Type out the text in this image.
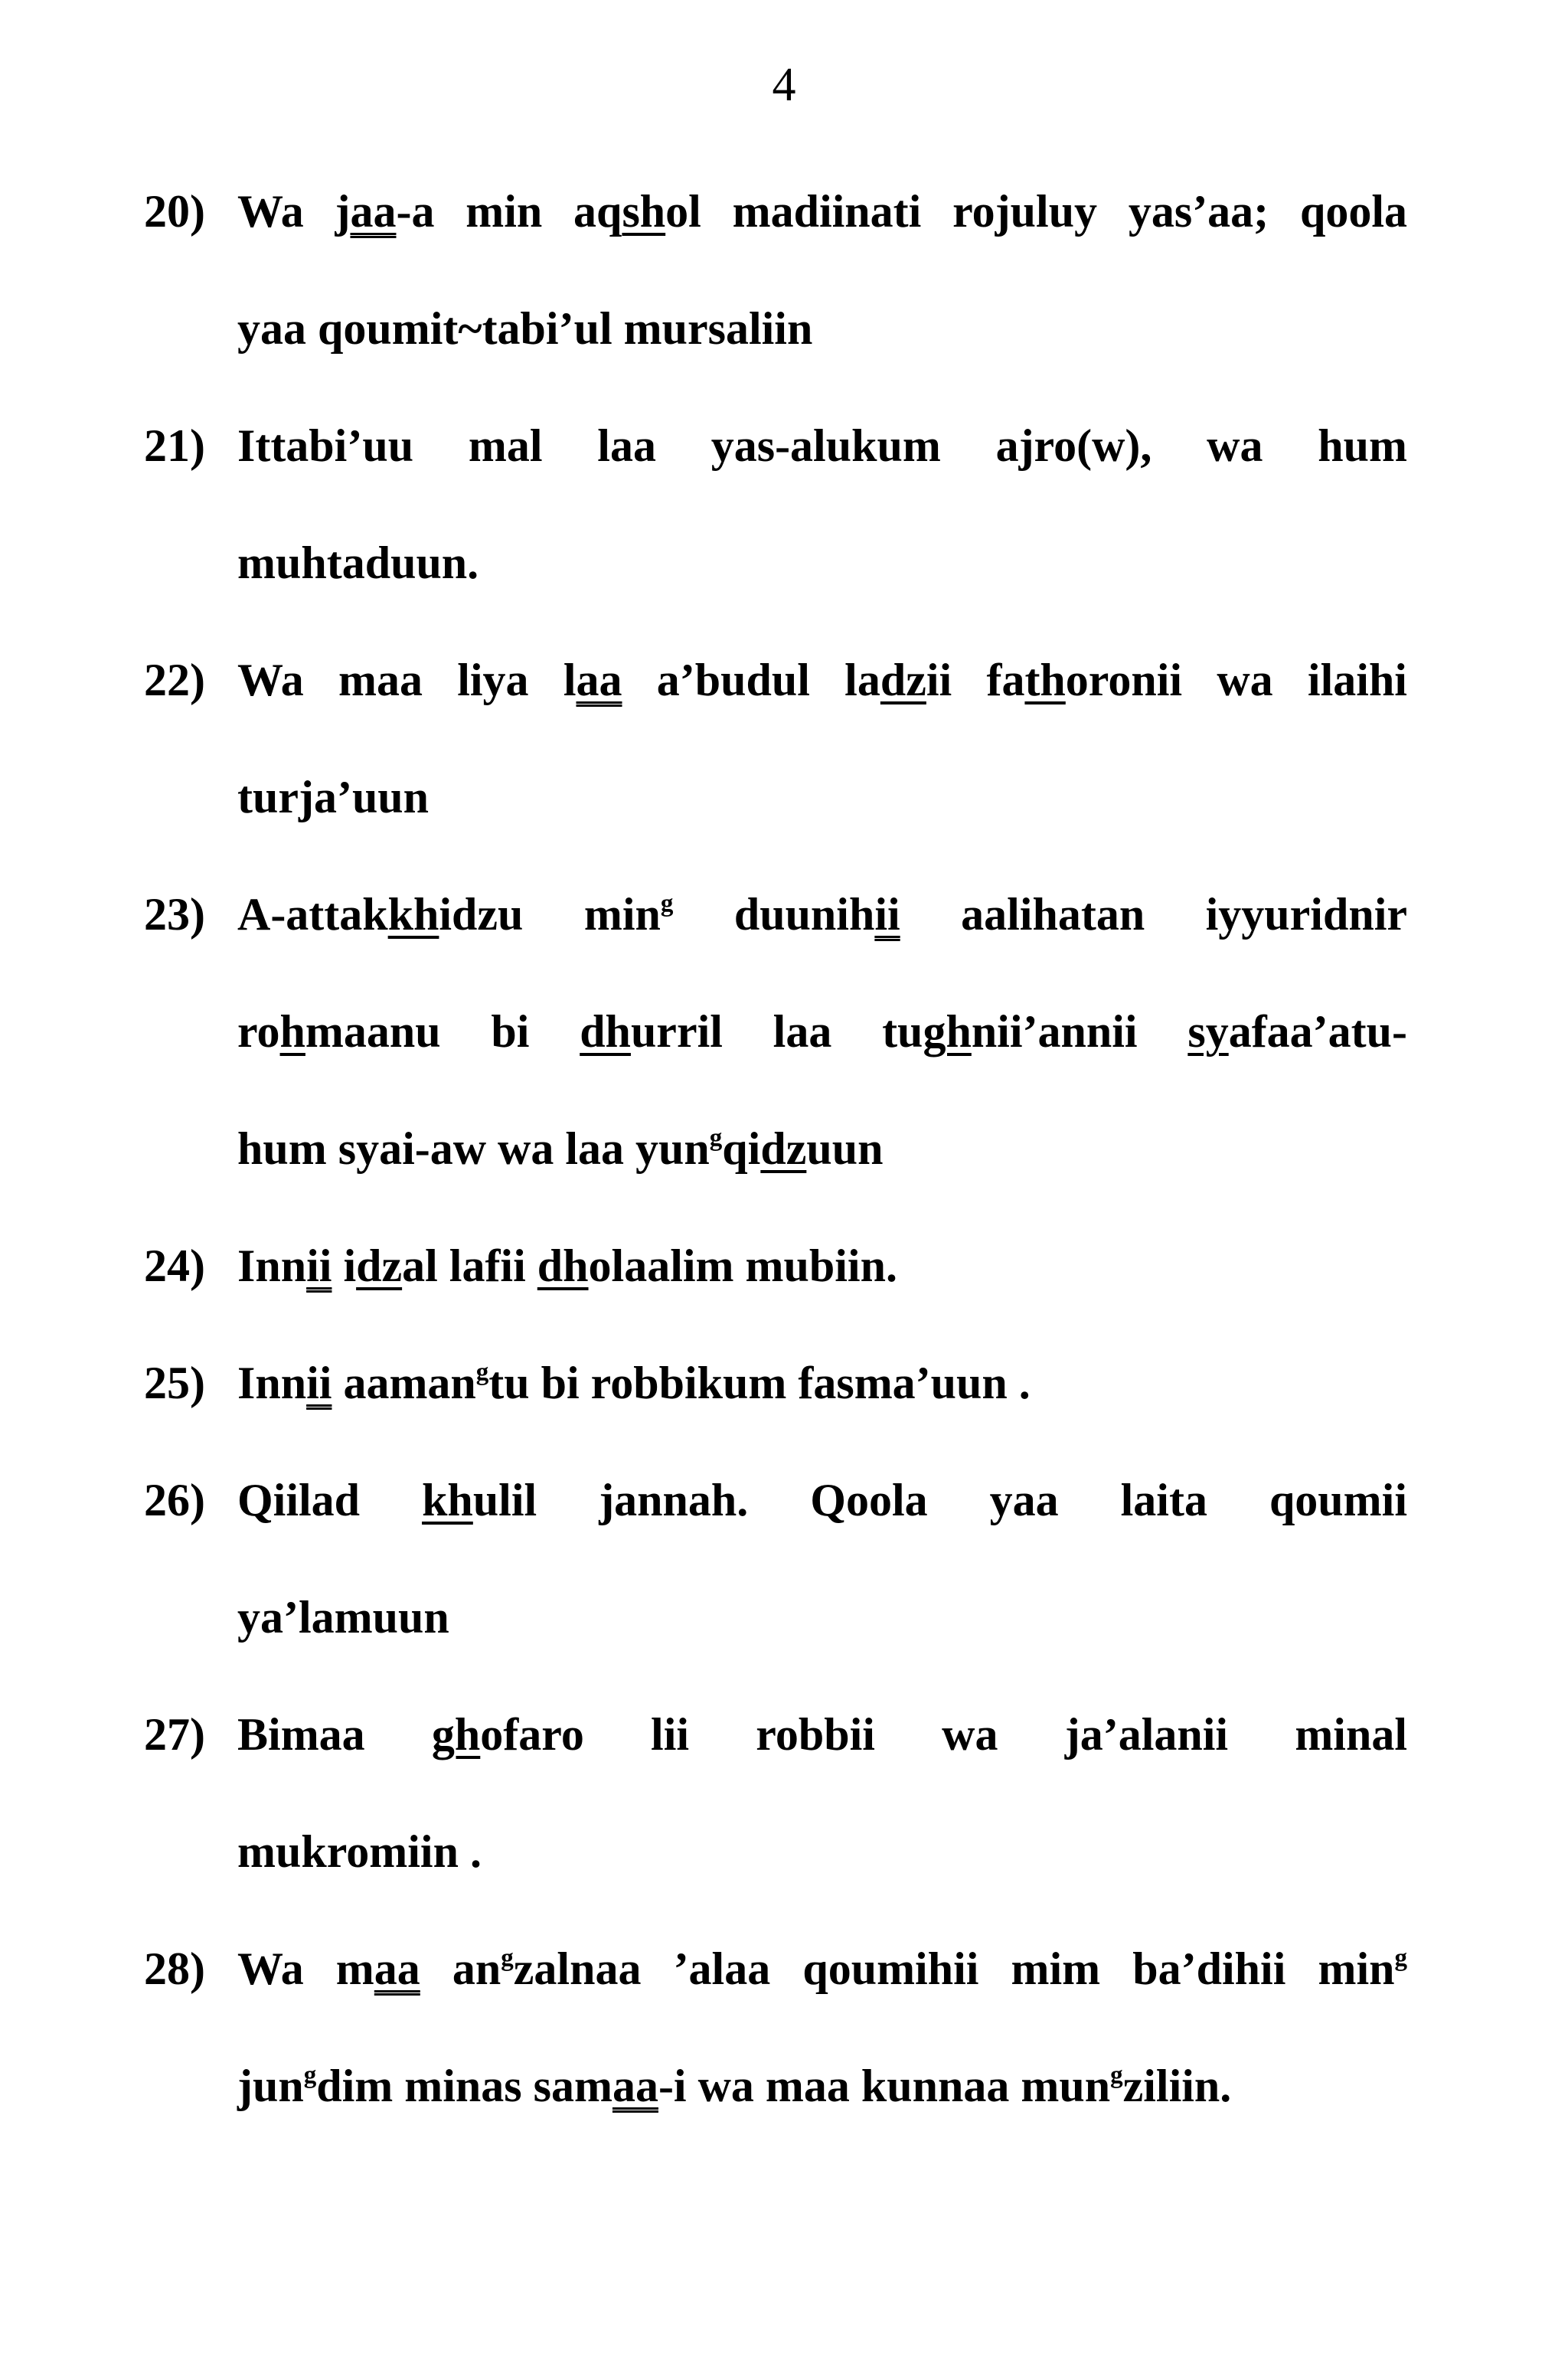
4
20) Wa jaa-a min aqshol madiinati rojuluy yas’aa; qoola
yaa qoumit~tabi’ul mursaliin
21) Ittabi’uu mal laa yas-alukum ajro(w), wa hum
muhtaduun.
22) Wa maa liya laa a’budul ladzii fathoronii wa ilaihi
turja’uun
23) A-attakkhidzu $\min^g$ duunihii aalihatan iyyuridnir
rohmaanu bi dhurril laa tughnii’annii syafaa’atu-
hum syai-aw wa laa yun$^g$qidzuun
24) Innii idzal lafii dholaalim mubiin.
25) Innii aaman$^g$tu bi robbikum fasma’uun .
26) Qiilad khulil jannah. Qoola yaa laita qoumii
ya’lamuun
27) Bimaa ghofaro lii robbii wa ja’alanii minal
mukromiin .
28) Wa maa $an^gzalnaa$ ’alaa qoumihii mim ba’dihii $\min^g$
jun$^g$dim minas samaa-i wa maa kunnaa mun$^g$ziliin.
